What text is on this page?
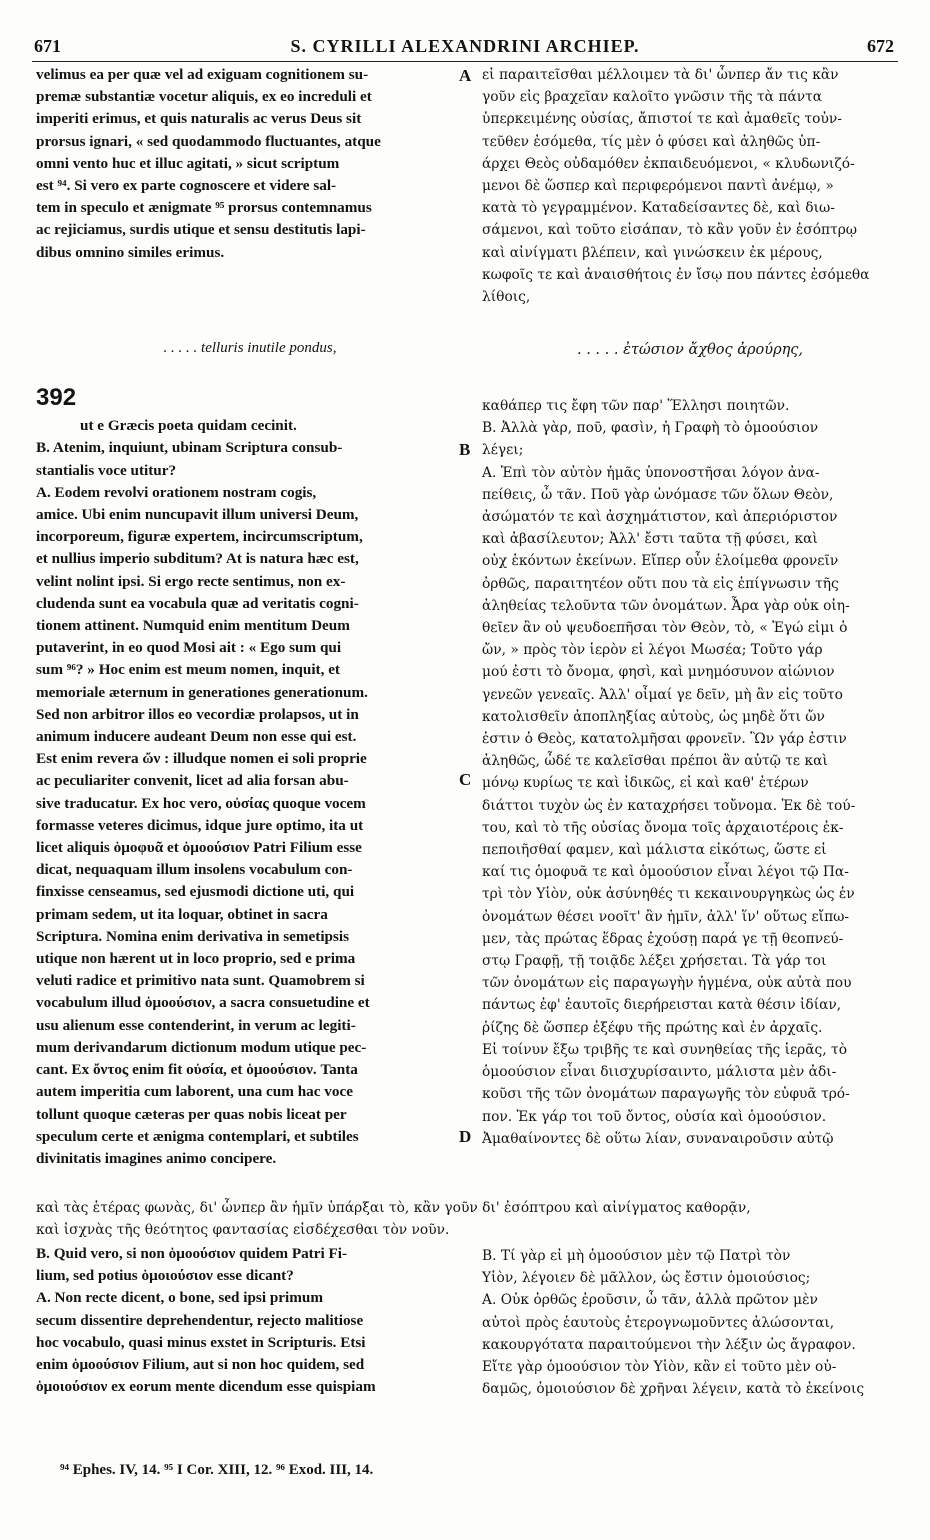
671	S. CYRILLI ALEXANDRINI ARCHIEP.	672
velimus ea per quæ vel ad exiguam cognitionem su-
premæ substantiæ vocetur aliquis, ex eo increduli et
imperiti erimus, et quis naturalis ac verus Deus sit
prorsus ignari, « sed quodammodo fluctuantes, atque
omni vento huc et illuc agitati, » sicut scriptum
est ⁹⁴. Si vero ex parte cognoscere et videre sal-
tem in speculo et ænigmate ⁹⁵ prorsus contemnamus
ac rejiciamus, surdis utique et sensu destitutis lapi-
dibus omnino similes erimus.
εἰ παραιτεῖσθαι μέλλοιμεν τὰ δι' ὧνπερ ἄν τις κἂν
γοῦν εἰς βραχεῖαν καλοῖτο γνῶσιν τῆς τὰ πάντα
ὑπερκειμένης οὐσίας, ἄπιστοί τε καὶ ἀμαθεῖς τοὐν-
τεῦθεν ἐσόμεθα, τίς μὲν ὁ φύσει καὶ ἀληθῶς ὑπ-
άρχει Θεὸς οὐδαμόθεν ἐκπαιδευόμενοι, « κλυδωνιζό-
μενοι δὲ ὥσπερ καὶ περιφερόμενοι παντὶ ἀνέμῳ, »
κατὰ τὸ γεγραμμένον. Καταδείσαντες δὲ, καὶ διω-
σάμενοι, καὶ τοῦτο εἰσάπαν, τὸ κἂν γοῦν ἐν ἐσόπτρῳ
καὶ αἰνίγματι βλέπειν, καὶ γινώσκειν ἐκ μέρους,
κωφοῖς τε καὶ ἀναισθήτοις ἐν ἴσῳ που πάντες ἐσόμεθα
λίθοις,
A
. . . . . telluris inutile pondus,	. . . . . ἐτώσιον ἄχθος ἀρούρης,
392

ut e Græcis poeta quidam cecinit.
B. Atenim, inquiunt, ubinam Scriptura consub-
stantialis voce utitur?
A. Eodem revolvi orationem nostram cogis,
amice. Ubi enim nuncupavit illum universi Deum,
incorporeum, figuræ expertem, incircumscriptum,
et nullius imperio subditum? At is natura hæc est,
velint nolint ipsi. Si ergo recte sentimus, non ex-
cludenda sunt ea vocabula quæ ad veritatis cogni-
tionem attinent. Numquid enim mentitum Deum
putaverint, in eo quod Mosi ait : « Ego sum qui
sum ⁹⁶? » Hoc enim est meum nomen, inquit, et
memoriale æternum in generationes generationum.
Sed non arbitror illos eo vecordiæ prolapsos, ut in
animum inducere audeant Deum non esse qui est.
Est enim revera ὤν : illudque nomen ei soli proprie
ac peculiariter convenit, licet ad alia forsan abu-
sive traducatur. Ex hoc vero, οὐσίας quoque vocem
formasse veteres dicimus, idque jure optimo, ita ut
licet aliquis ὁμοφυᾶ et ὁμοούσιον Patri Filium esse
dicat, nequaquam illum insolens vocabulum con-
finxisse censeamus, sed ejusmodi dictione uti, qui
primam sedem, ut ita loquar, obtinet in sacra
Scriptura. Nomina enim derivativa in semetipsis
utique non hærent ut in loco proprio, sed e prima
veluti radice et primitivo nata sunt. Quamobrem si
vocabulum illud ὁμοούσιον, a sacra consuetudine et
usu alienum esse contenderint, in verum ac legiti-
mum derivandarum dictionum modum utique pec-
cant. Ex ὄντος enim fit οὐσία, et ὁμοούσιον. Tanta
autem imperitia cum laborent, una cum hac voce
tollunt quoque cæteras per quas nobis liceat per
speculum certe et ænigma contemplari, et subtiles
divinitatis imagines animo concipere.

καθάπερ τις ἔφη τῶν παρ' Ἕλλησι ποιητῶν.
Β. Ἀλλὰ γὰρ, ποῦ, φασὶν, ἡ Γραφὴ τὸ ὁμοούσιον
λέγει;
Α. Ἐπὶ τὸν αὐτὸν ἡμᾶς ὑπονοστῆσαι λόγον ἀνα-
πείθεις, ὦ τᾶν. Ποῦ γὰρ ὠνόμασε τῶν ὅλων Θεὸν,
ἀσώματόν τε καὶ ἀσχημάτιστον, καὶ ἀπεριόριστον
καὶ ἀβασίλευτον; Ἀλλ' ἔστι ταῦτα τῇ φύσει, καὶ
οὐχ ἑκόντων ἐκείνων. Εἴπερ οὖν ἑλοίμεθα φρονεῖν
ὀρθῶς, παραιτητέον οὔτι που τὰ εἰς ἐπίγνωσιν τῆς
ἀληθείας τελοῦντα τῶν ὀνομάτων. Ἆρα γὰρ οὐκ οἰη-
θεῖεν ἂν οὐ ψευδοεπῆσαι τὸν Θεὸν, τὸ, « Ἐγώ εἰμι ὁ
ὤν, » πρὸς τὸν ἱερὸν εἰ λέγοι Μωσέα; Τοῦτο γάρ
μού ἐστι τὸ ὄνομα, φησὶ, καὶ μνημόσυνον αἰώνιον
γενεῶν γενεαῖς. Ἀλλ' οἶμαί γε δεῖν, μὴ ἂν εἰς τοῦτο
κατολισθεῖν ἀποπληξίας αὐτοὺς, ὡς μηδὲ ὅτι ὤν
ἐστιν ὁ Θεὸς, κατατολμῆσαι φρονεῖν. Ὢν γάρ ἐστιν
ἀληθῶς, ὧδέ τε καλεῖσθαι πρέποι ἂν αὐτῷ τε καὶ
μόνῳ κυρίως τε καὶ ἰδικῶς, εἰ καὶ καθ' ἑτέρων
διάττοι τυχὸν ὡς ἐν καταχρήσει τοὔνομα. Ἐκ δὲ τού-
του, καὶ τὸ τῆς οὐσίας ὄνομα τοῖς ἀρχαιοτέροις ἐκ-
πεποιῆσθαί φαμεν, καὶ μάλιστα εἰκότως, ὥστε εἰ
καί τις ὁμοφυᾶ τε καὶ ὁμοούσιον εἶναι λέγοι τῷ Πα-
τρὶ τὸν Υἱὸν, οὐκ ἀσύνηθές τι κεκαινουργηκὼς ὡς ἐν
ὀνομάτων θέσει νοοῖτ' ἂν ἡμῖν, ἀλλ' ἵν' οὕτως εἴπω-
μεν, τὰς πρώτας ἕδρας ἐχούσῃ παρά γε τῇ θεοπνεύ-
στῳ Γραφῇ, τῇ τοιᾷδε λέξει χρήσεται. Τὰ γάρ τοι
τῶν ὀνομάτων εἰς παραγωγὴν ἡγμένα, οὐκ αὐτὰ που
πάντως ἐφ' ἑαυτοῖς διερήρεισται κατὰ θέσιν ἰδίαν,
ῥίζης δὲ ὥσπερ ἐξέφυ τῆς πρώτης καὶ ἐν ἀρχαῖς.
Εἰ τοίνυν ἔξω τριβῆς τε καὶ συνηθείας τῆς ἱερᾶς, τὸ
ὁμοούσιον εἶναι διισχυρίσαιντο, μάλιστα μὲν ἀδι-
κοῦσι τῆς τῶν ὀνομάτων παραγωγῆς τὸν εὐφυᾶ τρό-
πον. Ἐκ γάρ τοι τοῦ ὄντος, οὐσία καὶ ὁμοούσιον.
Ἀμαθαίνοντες δὲ οὕτω λίαν, συναναιροῦσιν αὐτῷ
B
C
D
καὶ τὰς ἑτέρας φωνὰς, δι' ὧνπερ ἂν ἡμῖν ὑπάρξαι τὸ, κἂν γοῦν δι' ἐσόπτρου καὶ αἰνίγματος καθορᾷν,
καὶ ἰσχνὰς τῆς θεότητος φαντασίας εἰσδέχεσθαι τὸν νοῦν.
B. Quid vero, si non ὁμοούσιον quidem Patri Fi-
lium, sed potius ὁμοιούσιον esse dicant?
A. Non recte dicent, o bone, sed ipsi primum
secum dissentire deprehendentur, rejecto malitiose
hoc vocabulo, quasi minus exstet in Scripturis. Etsi
enim ὁμοούσιον Filium, aut si non hoc quidem, sed
ὁμοιούσιον ex eorum mente dicendum esse quispiam
Β. Τί γὰρ εἰ μὴ ὁμοούσιον μὲν τῷ Πατρὶ τὸν
Υἱὸν, λέγοιεν δὲ μᾶλλον, ὡς ἔστιν ὁμοιούσιος;
Α. Οὐκ ὀρθῶς ἐροῦσιν, ὦ τᾶν, ἀλλὰ πρῶτον μὲν
αὐτοὶ πρὸς ἑαυτοὺς ἑτερογνωμοῦντες ἁλώσονται,
κακουργότατα παραιτούμενοι τὴν λέξιν ὡς ἄγραφον.
Εἴτε γὰρ ὁμοούσιον τὸν Υἱὸν, κἂν εἰ τοῦτο μὲν οὐ-
δαμῶς, ὁμοιούσιον δὲ χρῆναι λέγειν, κατὰ τὸ ἐκείνοις
⁹⁴ Ephes. IV, 14. ⁹⁵ I Cor. XIII, 12. ⁹⁶ Exod. III, 14.
